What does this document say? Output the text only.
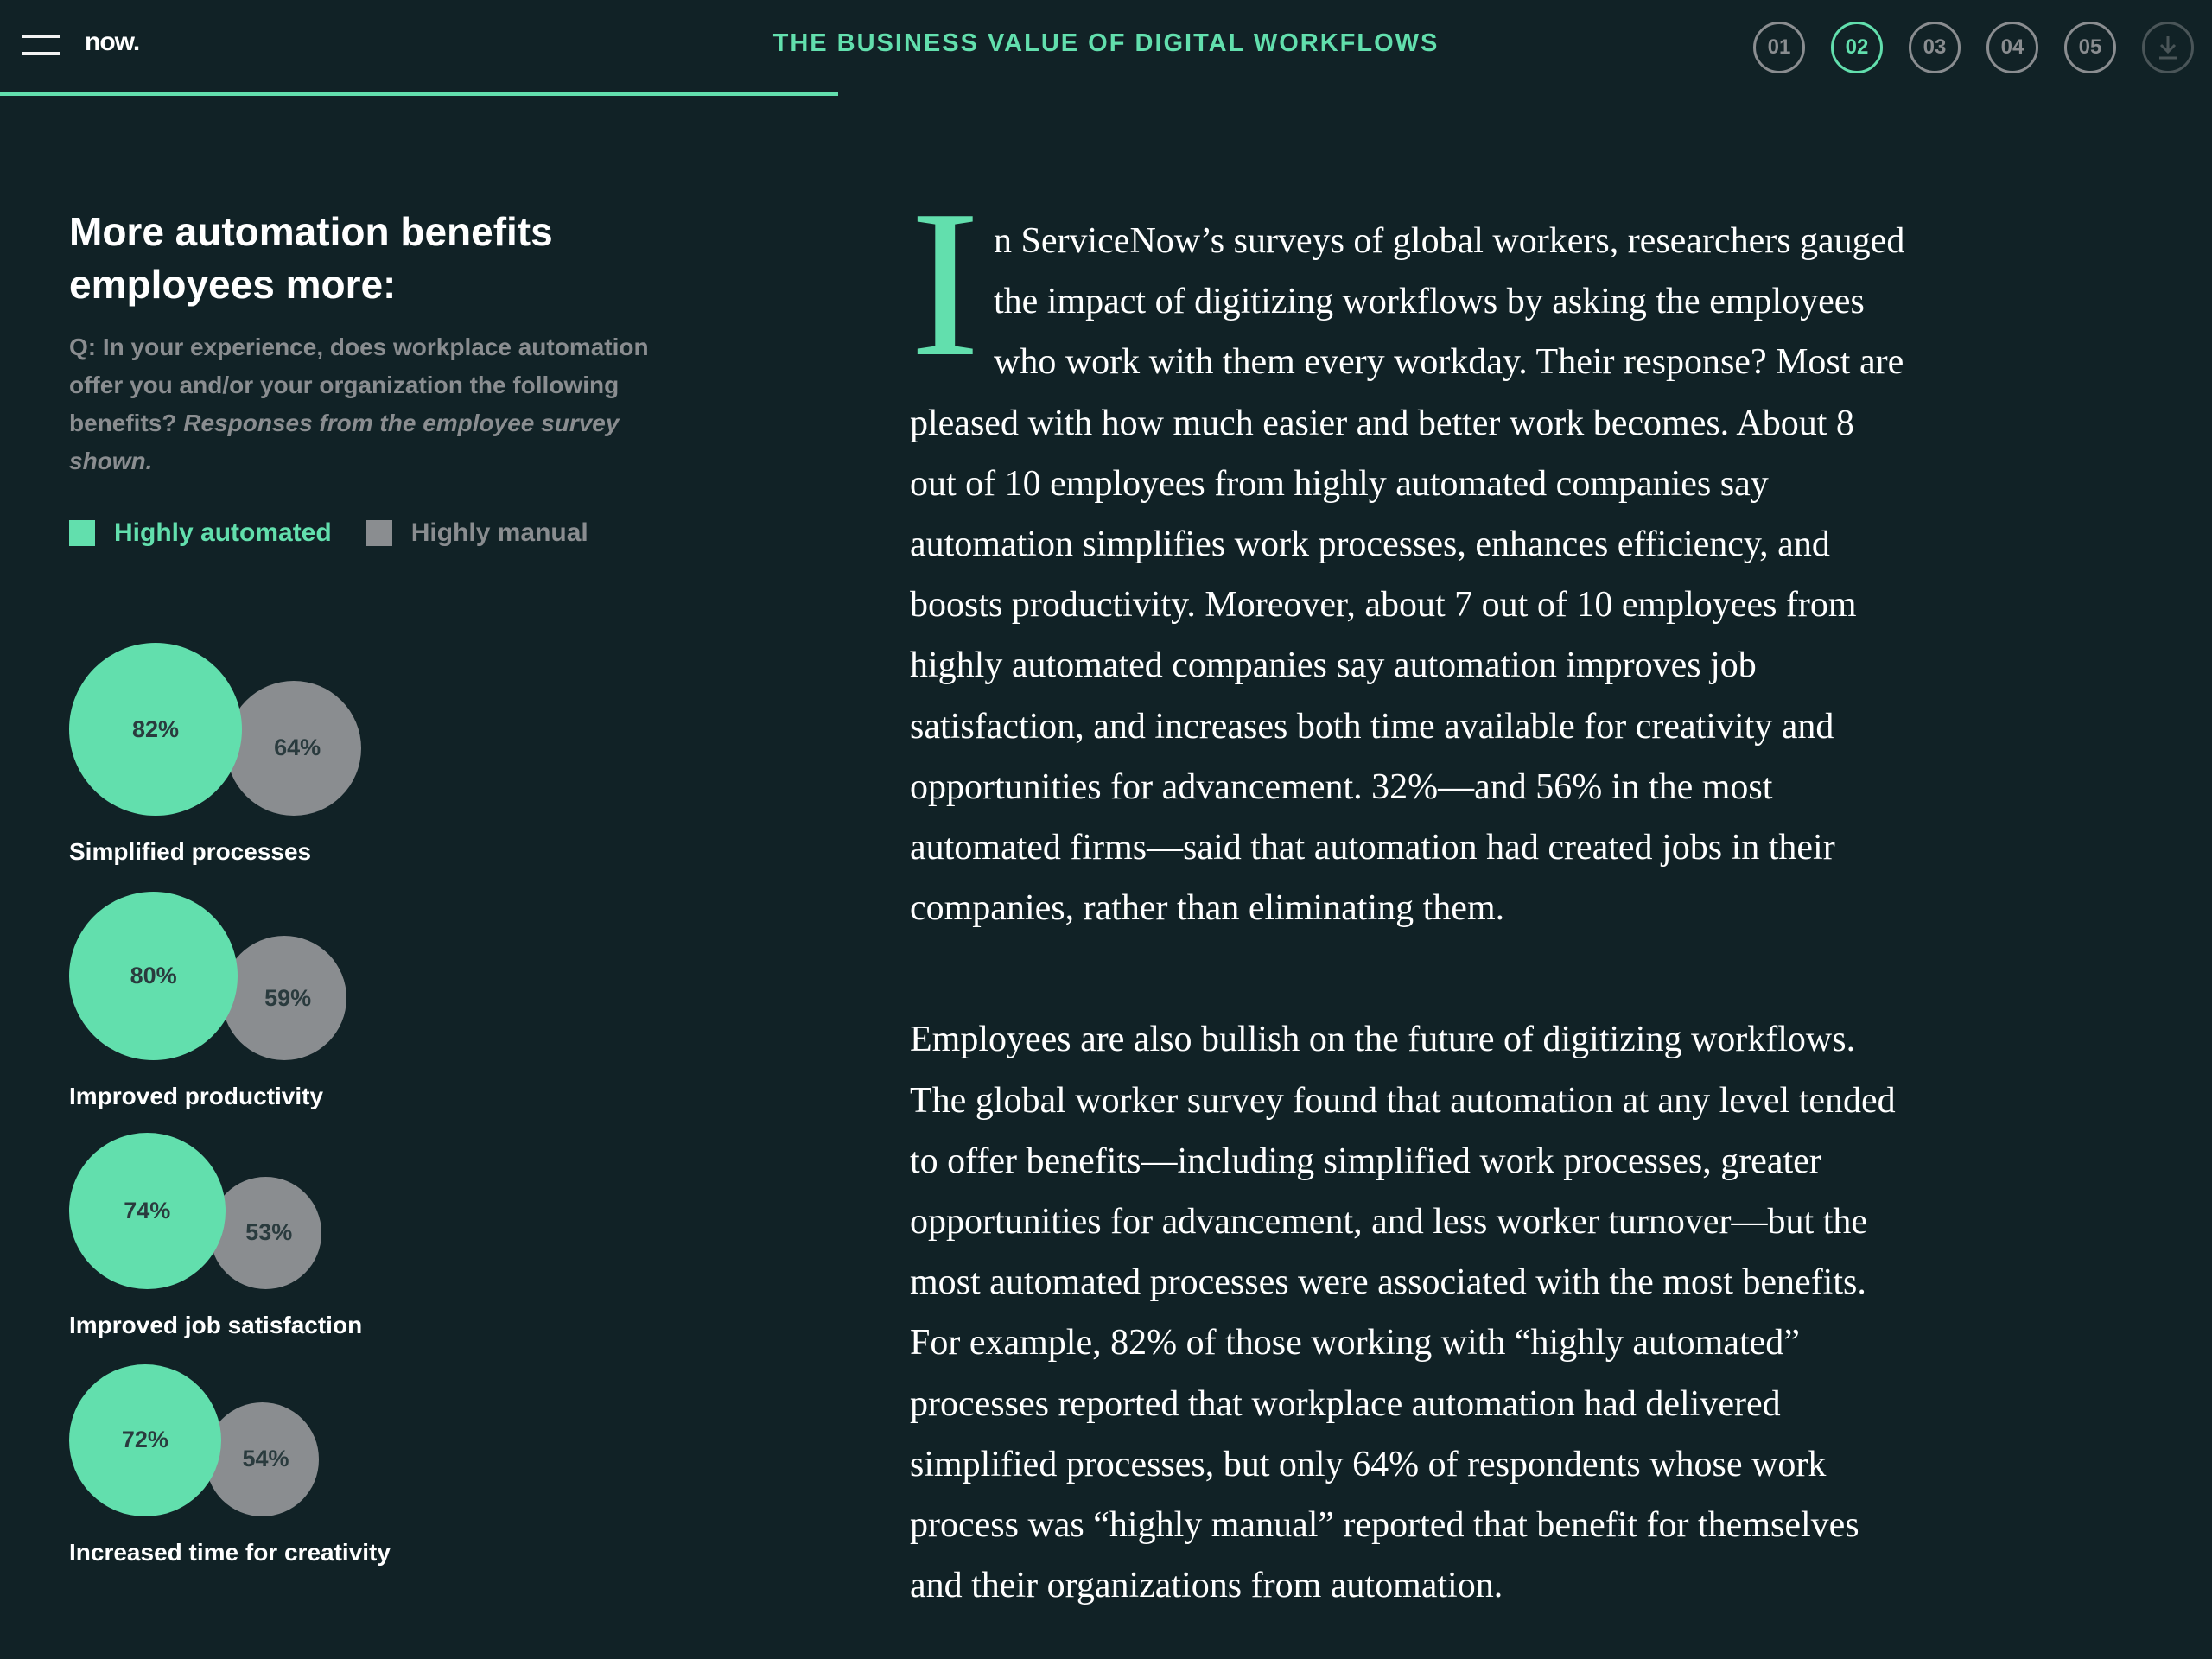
now.	THE BUSINESS VALUE OF DIGITAL WORKFLOWS	01	02	03	04	05
More automation benefits
employees more:
Q: In your experience, does workplace automation offer you and/or your organization the following benefits? Responses from the employee survey shown.
Highly automated	Highly manual
64%
82%
Simplified processes
59%
80%
Improved productivity
53%
74%
Improved job satisfaction
54%
72%
Increased time for creativity
I n ServiceNow’s surveys of global workers, researchers gauged
the impact of digitizing workflows by asking the employees
who work with them every workday. Their response? Most are
pleased with how much easier and better work becomes. About 8
out of 10 employees from highly automated companies say
automation simplifies work processes, enhances efficiency, and
boosts productivity. Moreover, about 7 out of 10 employees from
highly automated companies say automation improves job
satisfaction, and increases both time available for creativity and
opportunities for advancement. 32%—and 56% in the most
automated firms—said that automation had created jobs in their
companies, rather than eliminating them.
Employees are also bullish on the future of digitizing workflows.
The global worker survey found that automation at any level tended
to offer benefits—including simplified work processes, greater
opportunities for advancement, and less worker turnover—but the
most automated processes were associated with the most benefits.
For example, 82% of those working with “highly automated”
processes reported that workplace automation had delivered
simplified processes, but only 64% of respondents whose work
process was “highly manual” reported that benefit for themselves
and their organizations from automation.
